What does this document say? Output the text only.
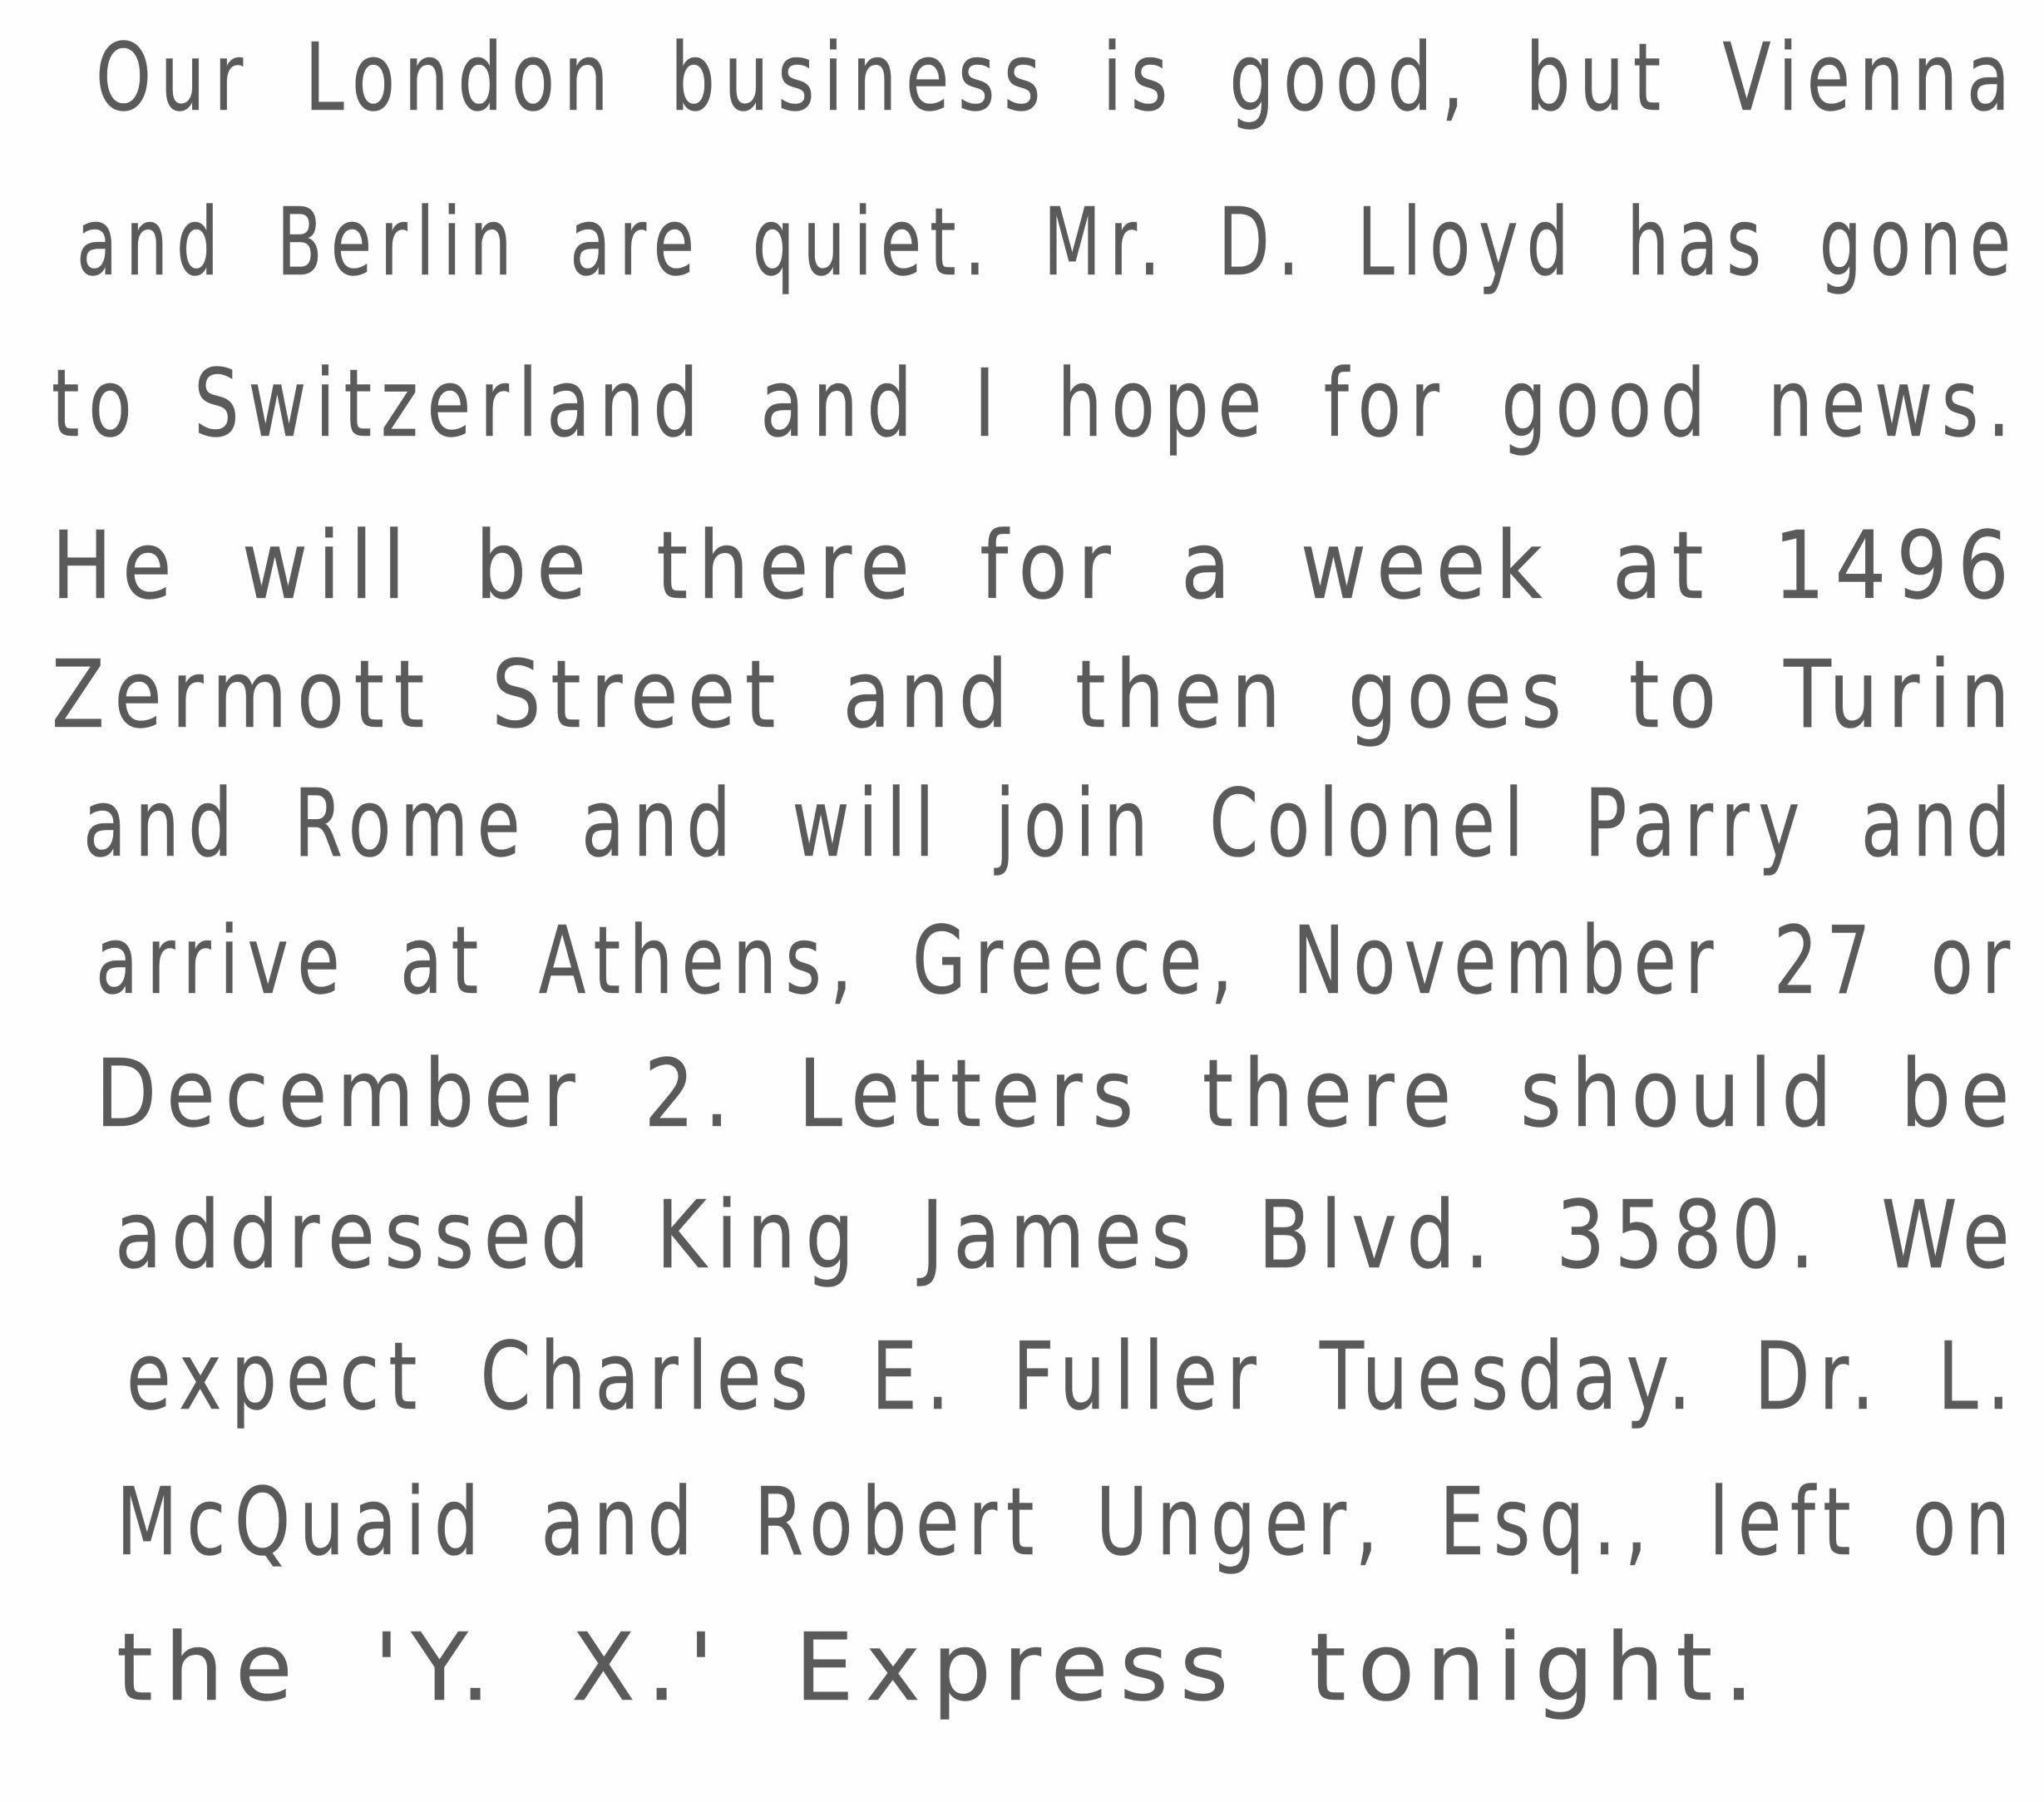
Our London business is good, but Vienna
and Berlin are quiet. Mr. D. Lloyd has gone
to Switzerland and I hope for good news.
He will be there for a week at 1496
Zermott Street and then goes to Turin
and Rome and will join Colonel Parry and
arrive at Athens, Greece, November 27 or
December 2. Letters there should be
addressed King James Blvd. 3580. We
expect Charles E. Fuller Tuesday. Dr. L.
McQuaid and Robert Unger, Esq., left on
the 'Y. X.' Express tonight.
